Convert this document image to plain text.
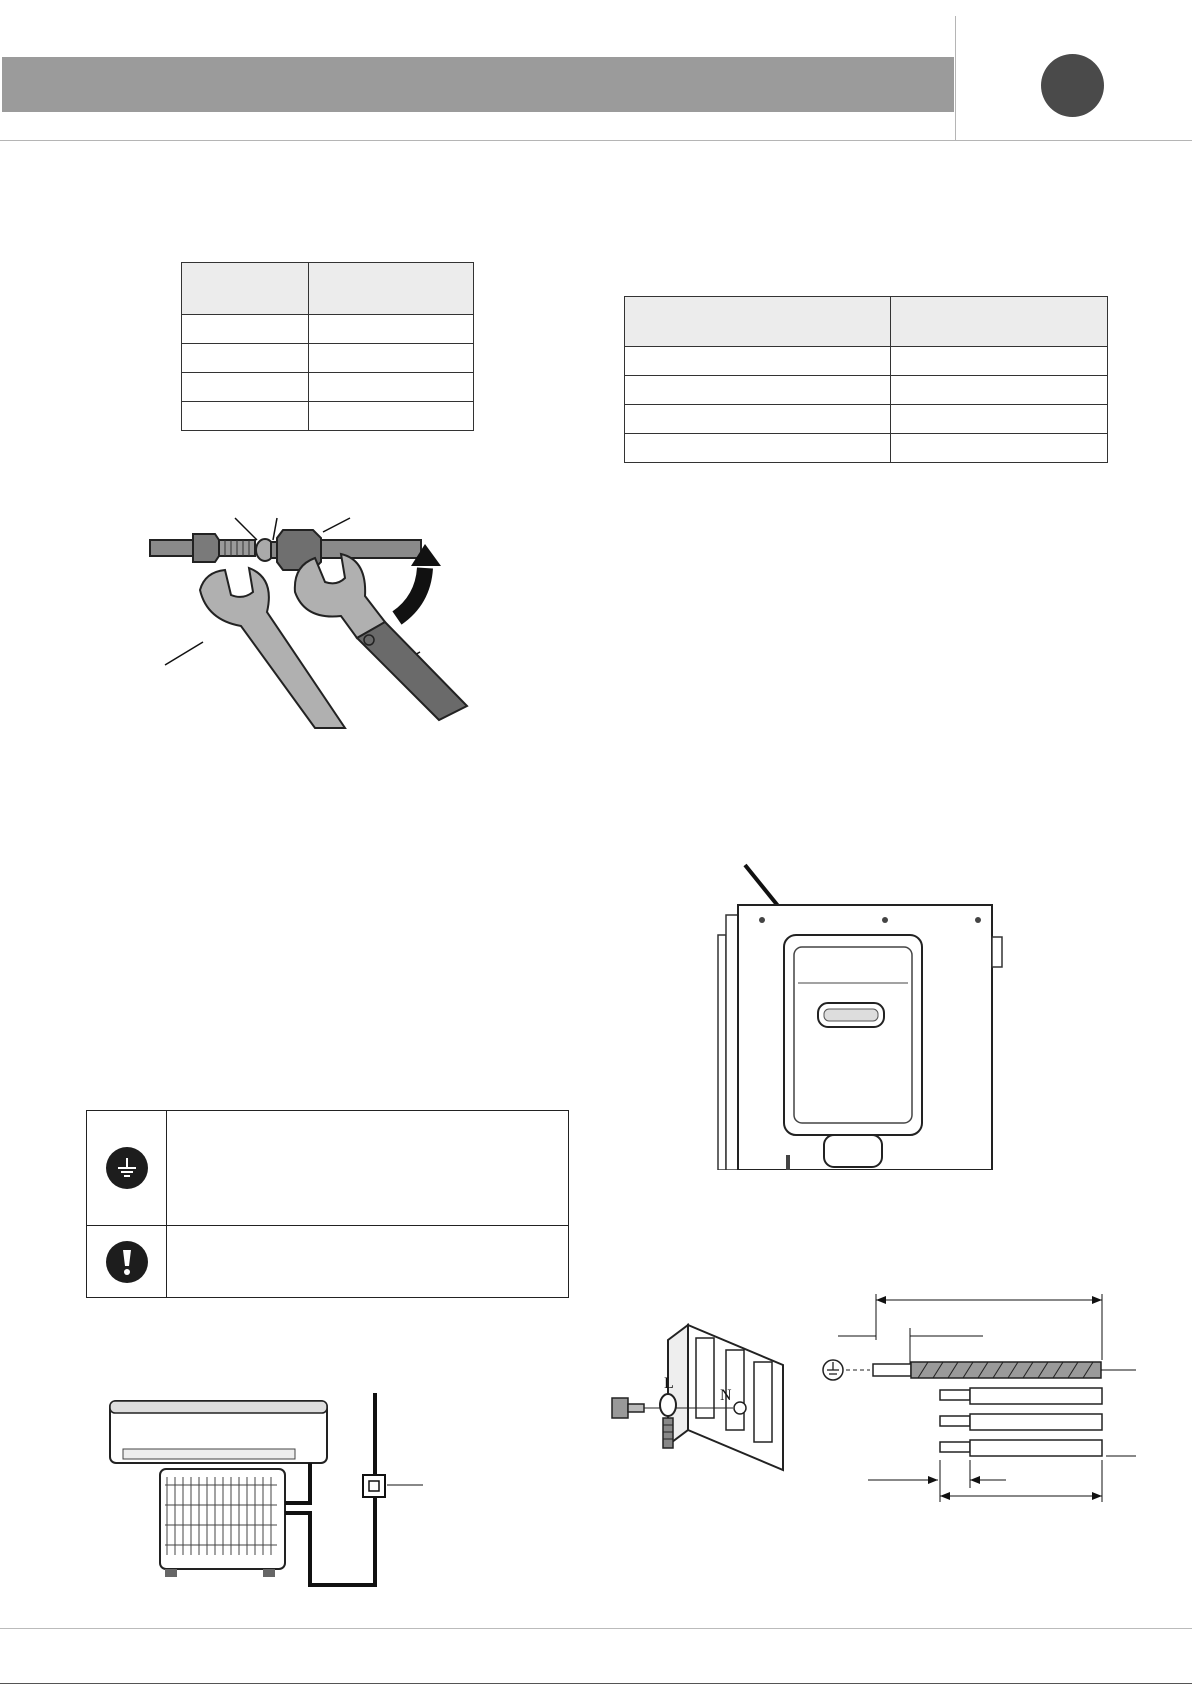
L
N
